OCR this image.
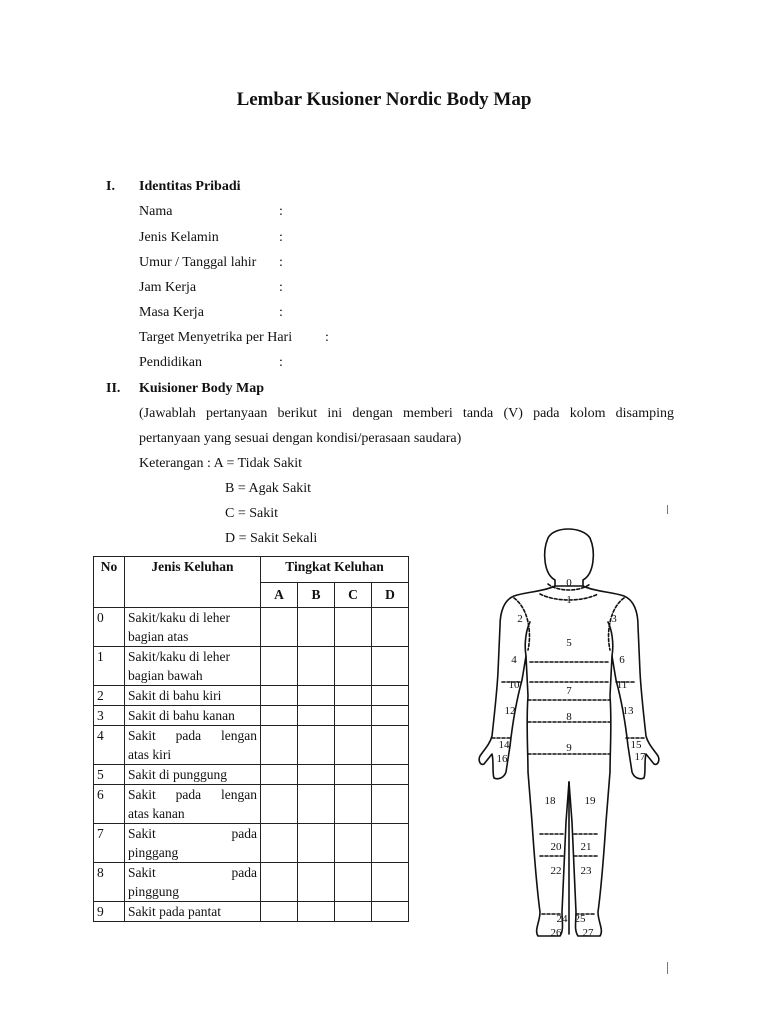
Lembar Kusioner Nordic Body Map
I. Identitas Pribadi
Nama	:
Jenis Kelamin	:
Umur / Tanggal lahir :
Jam Kerja	:
Masa Kerja	:
Target Menyetrika per Hari :
Pendidikan	:
II. Kuisioner Body Map
(Jawablah pertanyaan berikut ini dengan memberi tanda (V) pada kolom disamping
pertanyaan yang sesuai dengan kondisi/perasaan saudara)
Keterangan : A = Tidak Sakit
B = Agak Sakit
C = Sakit
D = Sakit Sekali
No	Jenis Keluhan	Tingkat Keluhan			
		A	B	C	D
0	Sakit/kaku di leher
bagian atas				

1	Sakit/kaku di leher
bagian bawah				

2	Sakit di bahu kiri				

3	Sakit di bahu kanan				

4	Sakit pada lengan
atas kiri				

5	Sakit di punggung				

6	Sakit pada lengan
atas kanan				

7	Sakit pada
pinggang				

8	Sakit pada
pinggung				

9	Sakit pada pantat				

0
1
2	3
4
5
6
7
8
9
10	11
12	13
14	15
16	17
18	19
20 21
22 23
24 25
26 27
